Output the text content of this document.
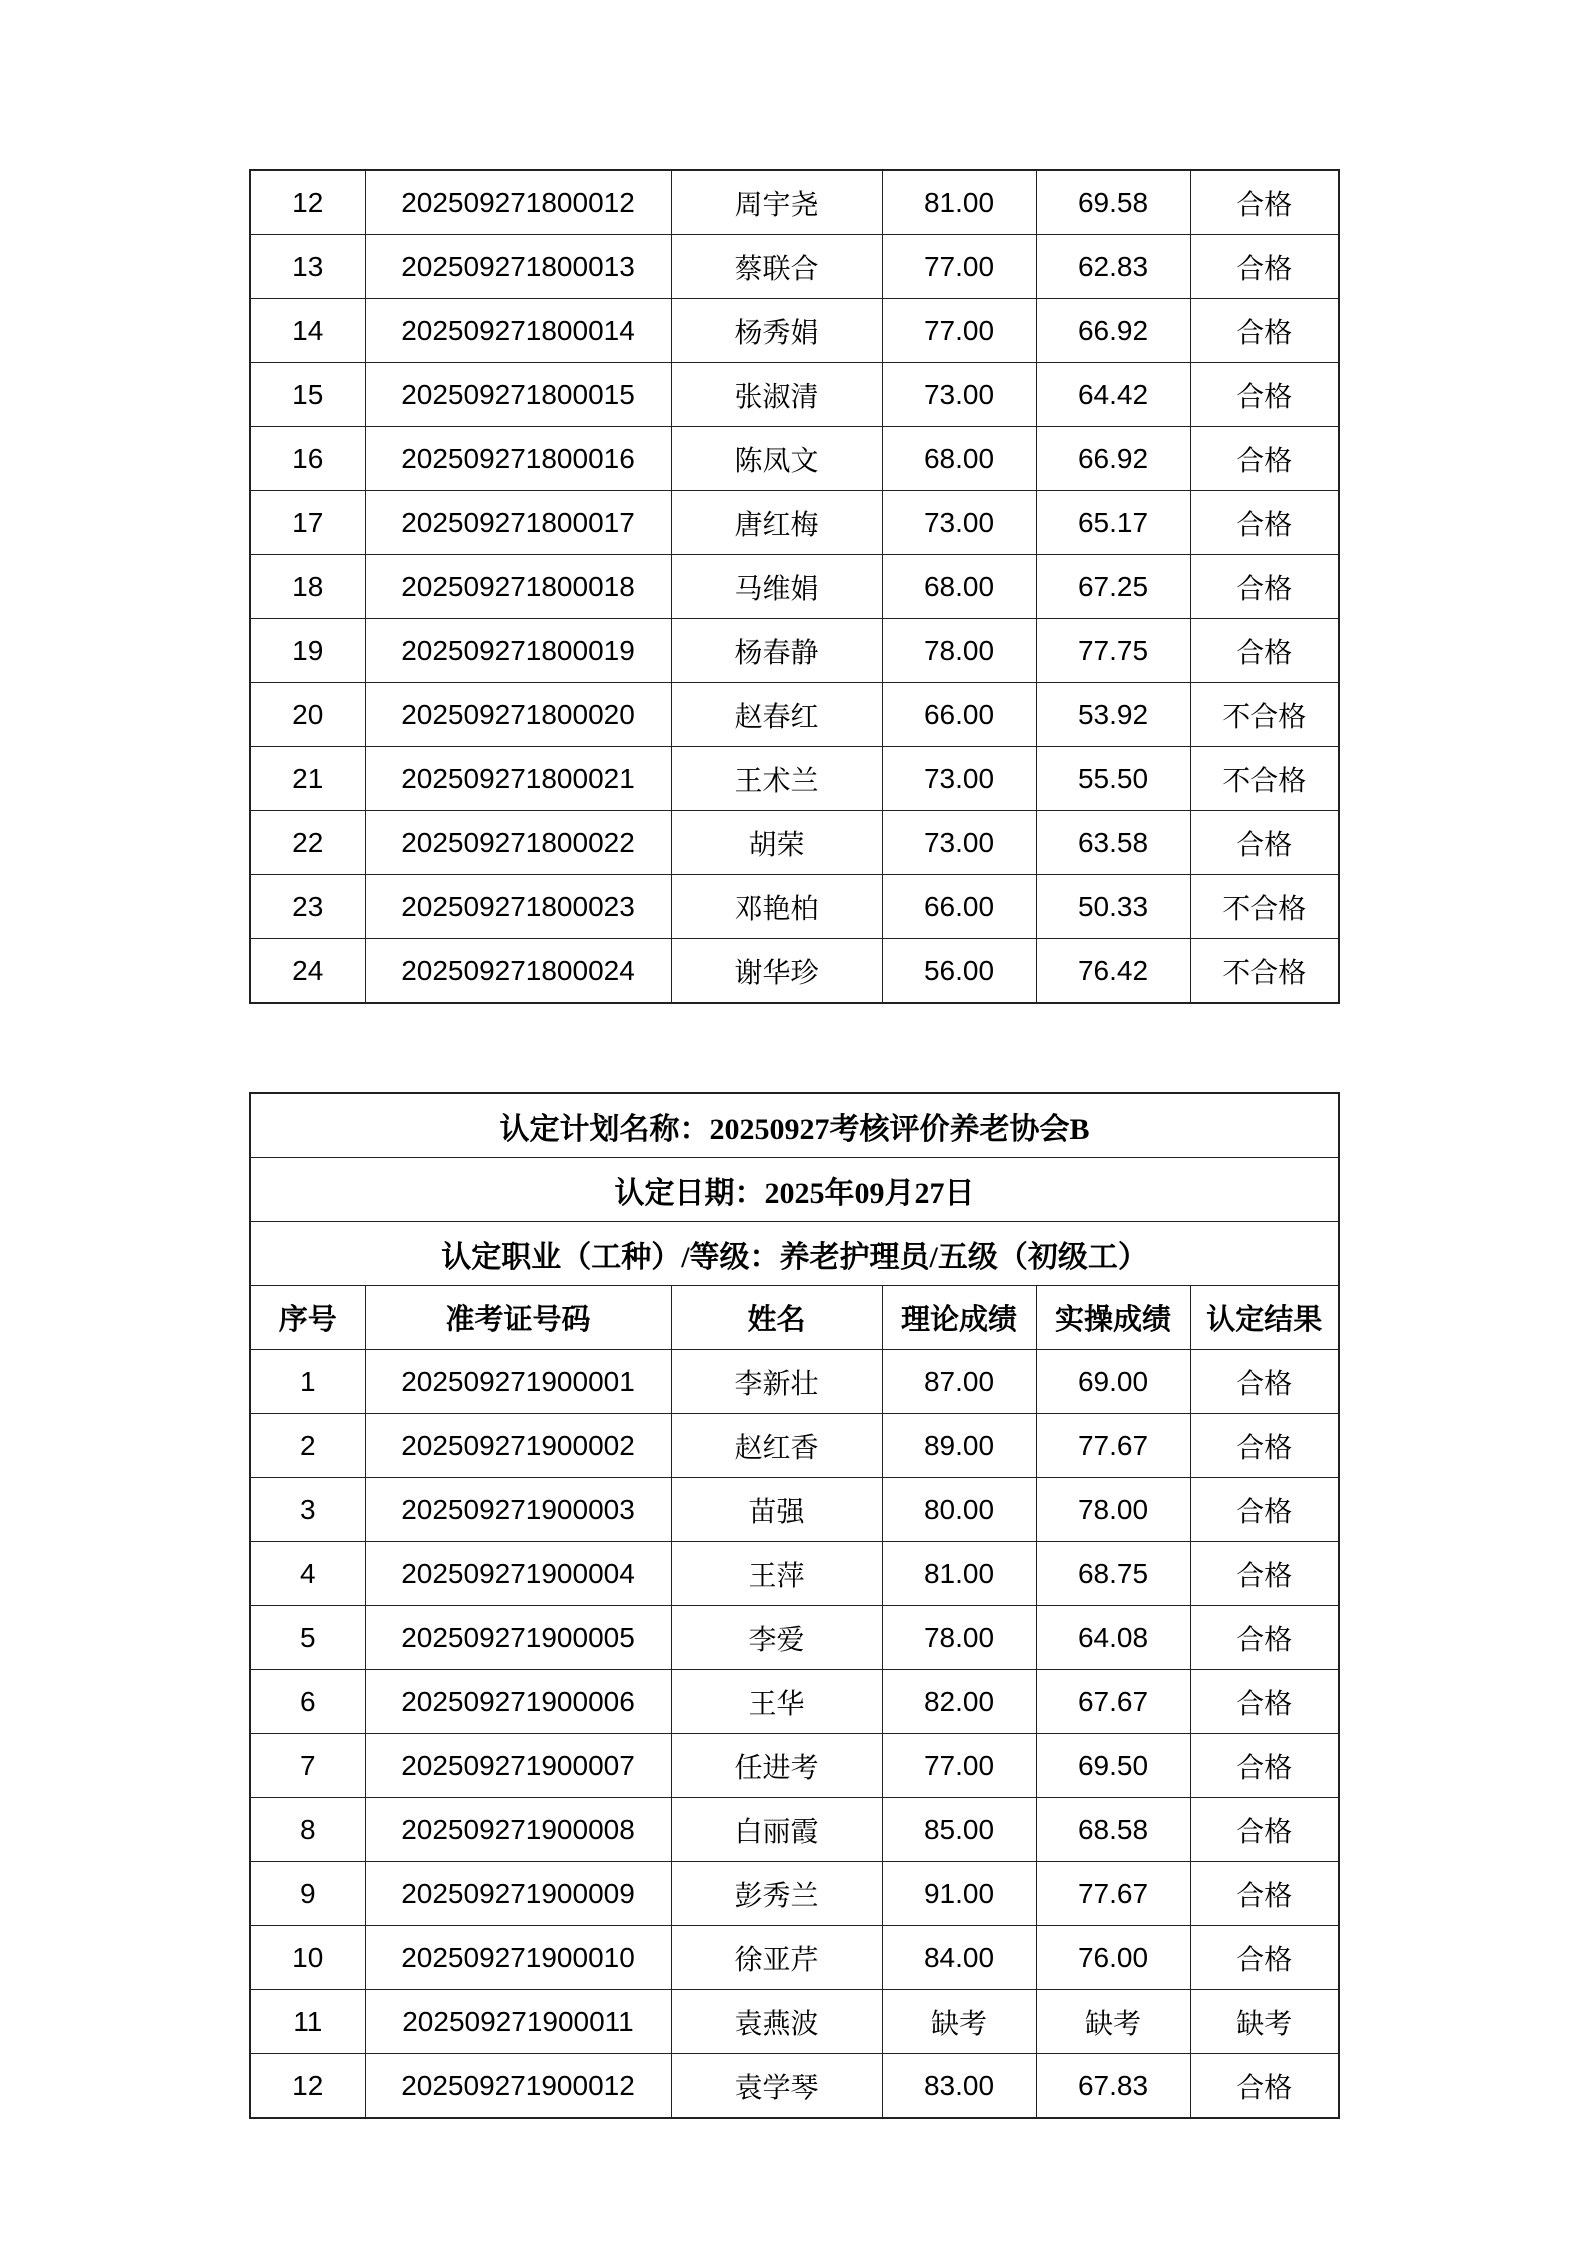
12	202509271800012	周宇尧	81.00	69.58	合格
13	202509271800013	蔡联合	77.00	62.83	合格
14	202509271800014	杨秀娟	77.00	66.92	合格
15	202509271800015	张淑清	73.00	64.42	合格
16	202509271800016	陈凤文	68.00	66.92	合格
17	202509271800017	唐红梅	73.00	65.17	合格
18	202509271800018	马维娟	68.00	67.25	合格
19	202509271800019	杨春静	78.00	77.75	合格
20	202509271800020	赵春红	66.00	53.92	不合格
21	202509271800021	王术兰	73.00	55.50	不合格
22	202509271800022	胡荣	73.00	63.58	合格
23	202509271800023	邓艳柏	66.00	50.33	不合格
24	202509271800024	谢华珍	56.00	76.42	不合格
认定计划名称：20250927考核评价养老协会B					
认定日期：2025年09月27日					
认定职业（工种）/等级：养老护理员/五级（初级工）					
序号	准考证号码	姓名	理论成绩	实操成绩	认定结果
1	202509271900001	李新壮	87.00	69.00	合格
2	202509271900002	赵红香	89.00	77.67	合格
3	202509271900003	苗强	80.00	78.00	合格
4	202509271900004	王萍	81.00	68.75	合格
5	202509271900005	李爱	78.00	64.08	合格
6	202509271900006	王华	82.00	67.67	合格
7	202509271900007	任进考	77.00	69.50	合格
8	202509271900008	白丽霞	85.00	68.58	合格
9	202509271900009	彭秀兰	91.00	77.67	合格
10	202509271900010	徐亚芹	84.00	76.00	合格
11	202509271900011	袁燕波	缺考	缺考	缺考
12	202509271900012	袁学琴	83.00	67.83	合格
